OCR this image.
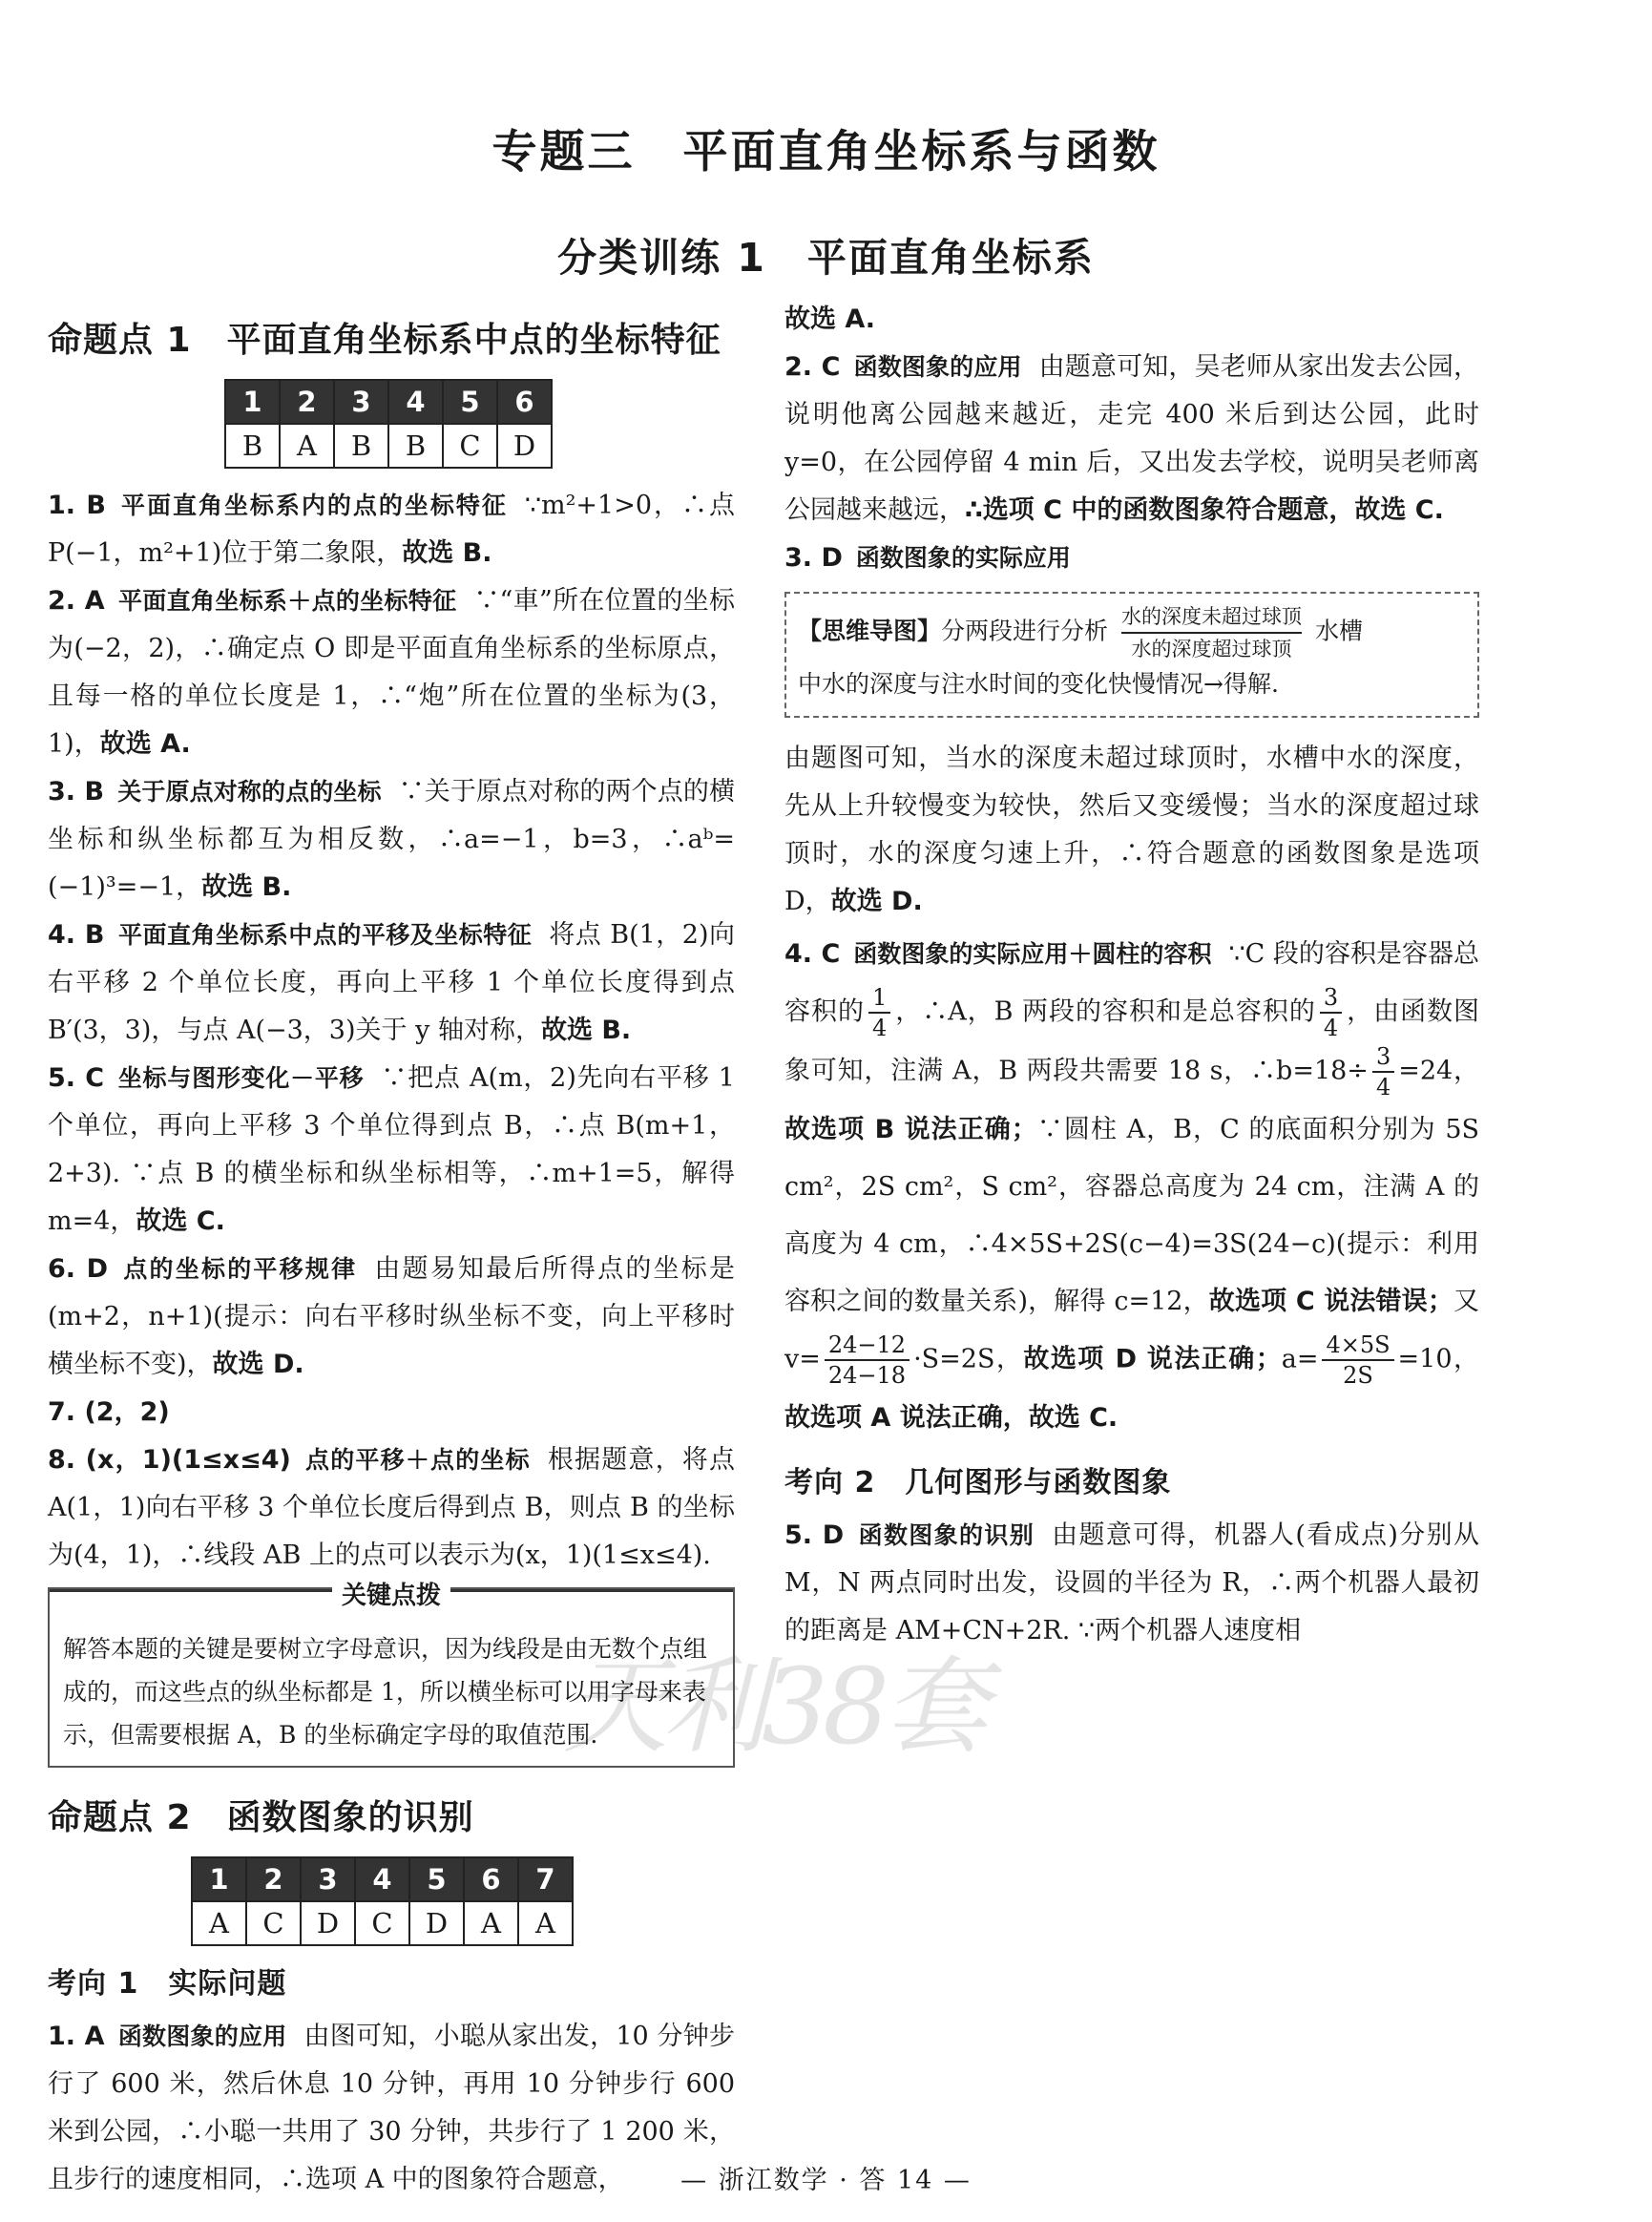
专题三　平面直角坐标系与函数
分类训练 1　平面直角坐标系
天利38套
命题点 1　平面直角坐标系中点的坐标特征
1	2	3	4	5	6
B	A	B	B	C	D

1. B 平面直角坐标系内的点的坐标特征 ∵m²+1>0，∴点 P(−1，m²+1)位于第二象限，故选 B.

2. A 平面直角坐标系＋点的坐标特征 ∵“車”所在位置的坐标为(−2，2)，∴确定点 O 即是平面直角坐标系的坐标原点，且每一格的单位长度是 1，∴“炮”所在位置的坐标为(3，1)，故选 A.

3. B 关于原点对称的点的坐标 ∵关于原点对称的两个点的横坐标和纵坐标都互为相反数，∴a=−1，b=3，∴aᵇ=(−1)³=−1，故选 B.

4. B 平面直角坐标系中点的平移及坐标特征 将点 B(1，2)向右平移 2 个单位长度，再向上平移 1 个单位长度得到点 B′(3，3)，与点 A(−3，3)关于 y 轴对称，故选 B.

5. C 坐标与图形变化－平移 ∵把点 A(m，2)先向右平移 1 个单位，再向上平移 3 个单位得到点 B，∴点 B(m+1，2+3). ∵点 B 的横坐标和纵坐标相等，∴m+1=5，解得 m=4，故选 C.

6. D 点的坐标的平移规律 由题易知最后所得点的坐标是(m+2，n+1)(提示：向右平移时纵坐标不变，向上平移时横坐标不变)，故选 D.

7. (2，2)

8. (x，1)(1≤x≤4) 点的平移＋点的坐标 根据题意，将点 A(1，1)向右平移 3 个单位长度后得到点 B，则点 B 的坐标为(4，1)，∴线段 AB 上的点可以表示为(x，1)(1≤x≤4).

关键点拨
解答本题的关键是要树立字母意识，因为线段是由无数个点组成的，而这些点的纵坐标都是 1，所以横坐标可以用字母来表示，但需要根据 A，B 的坐标确定字母的取值范围.
命题点 2　函数图象的识别
1	2	3	4	5	6	7
A	C	D	C	D	A	A
考向 1　实际问题

1. A 函数图象的应用 由图可知，小聪从家出发，10 分钟步行了 600 米，然后休息 10 分钟，再用 10 分钟步行 600 米到公园，∴小聪一共用了 30 分钟，共步行了 1 200 米，且步行的速度相同，∴选项 A 中的图象符合题意，

故选 A.

2. C 函数图象的应用 由题意可知，吴老师从家出发去公园，说明他离公园越来越近，走完 400 米后到达公园，此时 y=0，在公园停留 4 min 后，又出发去学校，说明吴老师离公园越来越远，∴选项 C 中的函数图象符合题意，故选 C.

3. D 函数图象的实际应用

【思维导图】分两段进行分析
水的深度未超过球顶
水的深度超过球顶
水槽
中水的深度与注水时间的变化快慢情况→得解.

由题图可知，当水的深度未超过球顶时，水槽中水的深度，先从上升较慢变为较快，然后又变缓慢；当水的深度超过球顶时，水的深度匀速上升，∴符合题意的函数图象是选项 D，故选 D.

4. C 函数图象的实际应用＋圆柱的容积 ∵C 段的容积是容器总容积的 $\frac{1}{4}$ ，∴A，B 两段的容积和是总容积的 $\frac{3}{4}$ ，由函数图象可知，注满 A，B 两段共需要 18 s，∴b=18÷ $\frac{3}{4} =24$，故选项 B 说法正确；∵圆柱 A，B，C 的底面积分别为 5S cm²，2S cm²，S cm²，容器总高度为 24 cm，注满 A 的高度为 4 cm，∴4×5S+2S(c−4)=3S(24−c)(提示：利用容积之间的数量关系)，解得 c=12，故选项 C 说法错误；又 $v= \frac{24-12}{24-18} \cdot S=2S$，故选项 D 说法正确；$a= \frac{4\times 5S}{2S} =10$，故选项 A 说法正确，故选 C.

考向 2　几何图形与函数图象

5. D 函数图象的识别 由题意可得，机器人(看成点)分别从 M，N 两点同时出发，设圆的半径为 R，∴两个机器人最初的距离是 AM+CN+2R. ∵两个机器人速度相

— 浙江数学 · 答 14 —
